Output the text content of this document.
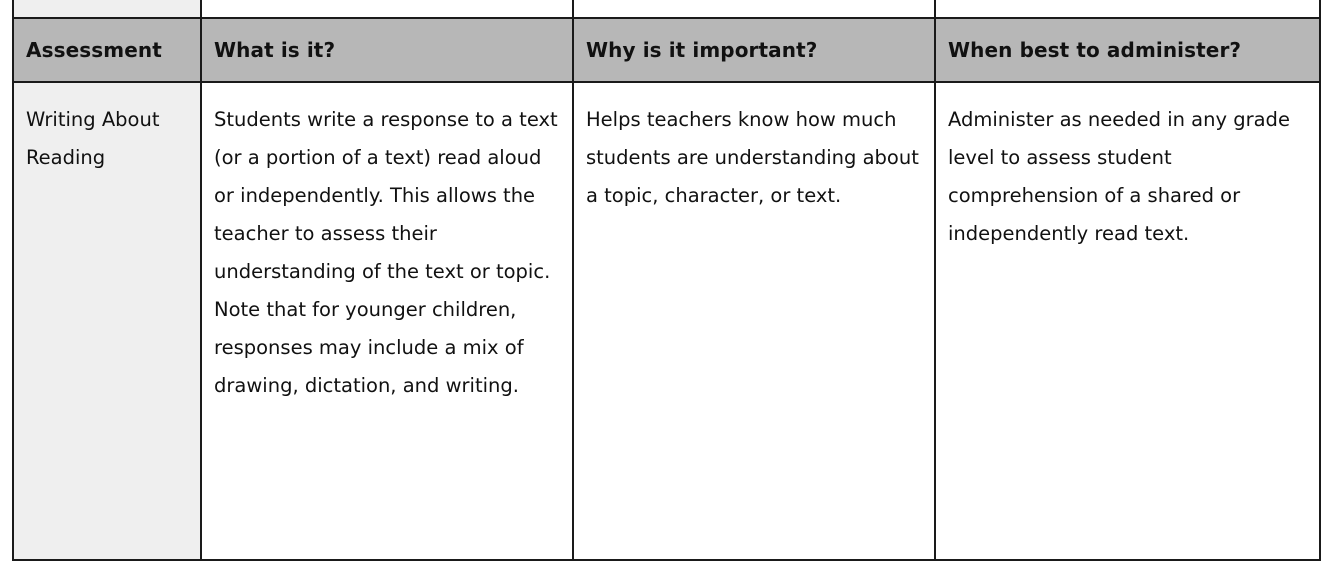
Assessment	What is it?	Why is it important?	When best to administer?
Writing About Reading	Students write a response to a text (or a portion of a text) read aloud or independently. This allows the teacher to assess their understanding of the text or topic. Note that for younger children, responses may include a mix of drawing, dictation, and writing.	Helps teachers know how much students are understanding about a topic, character, or text.	Administer as needed in any grade level to assess student comprehension of a shared or independently read text.
